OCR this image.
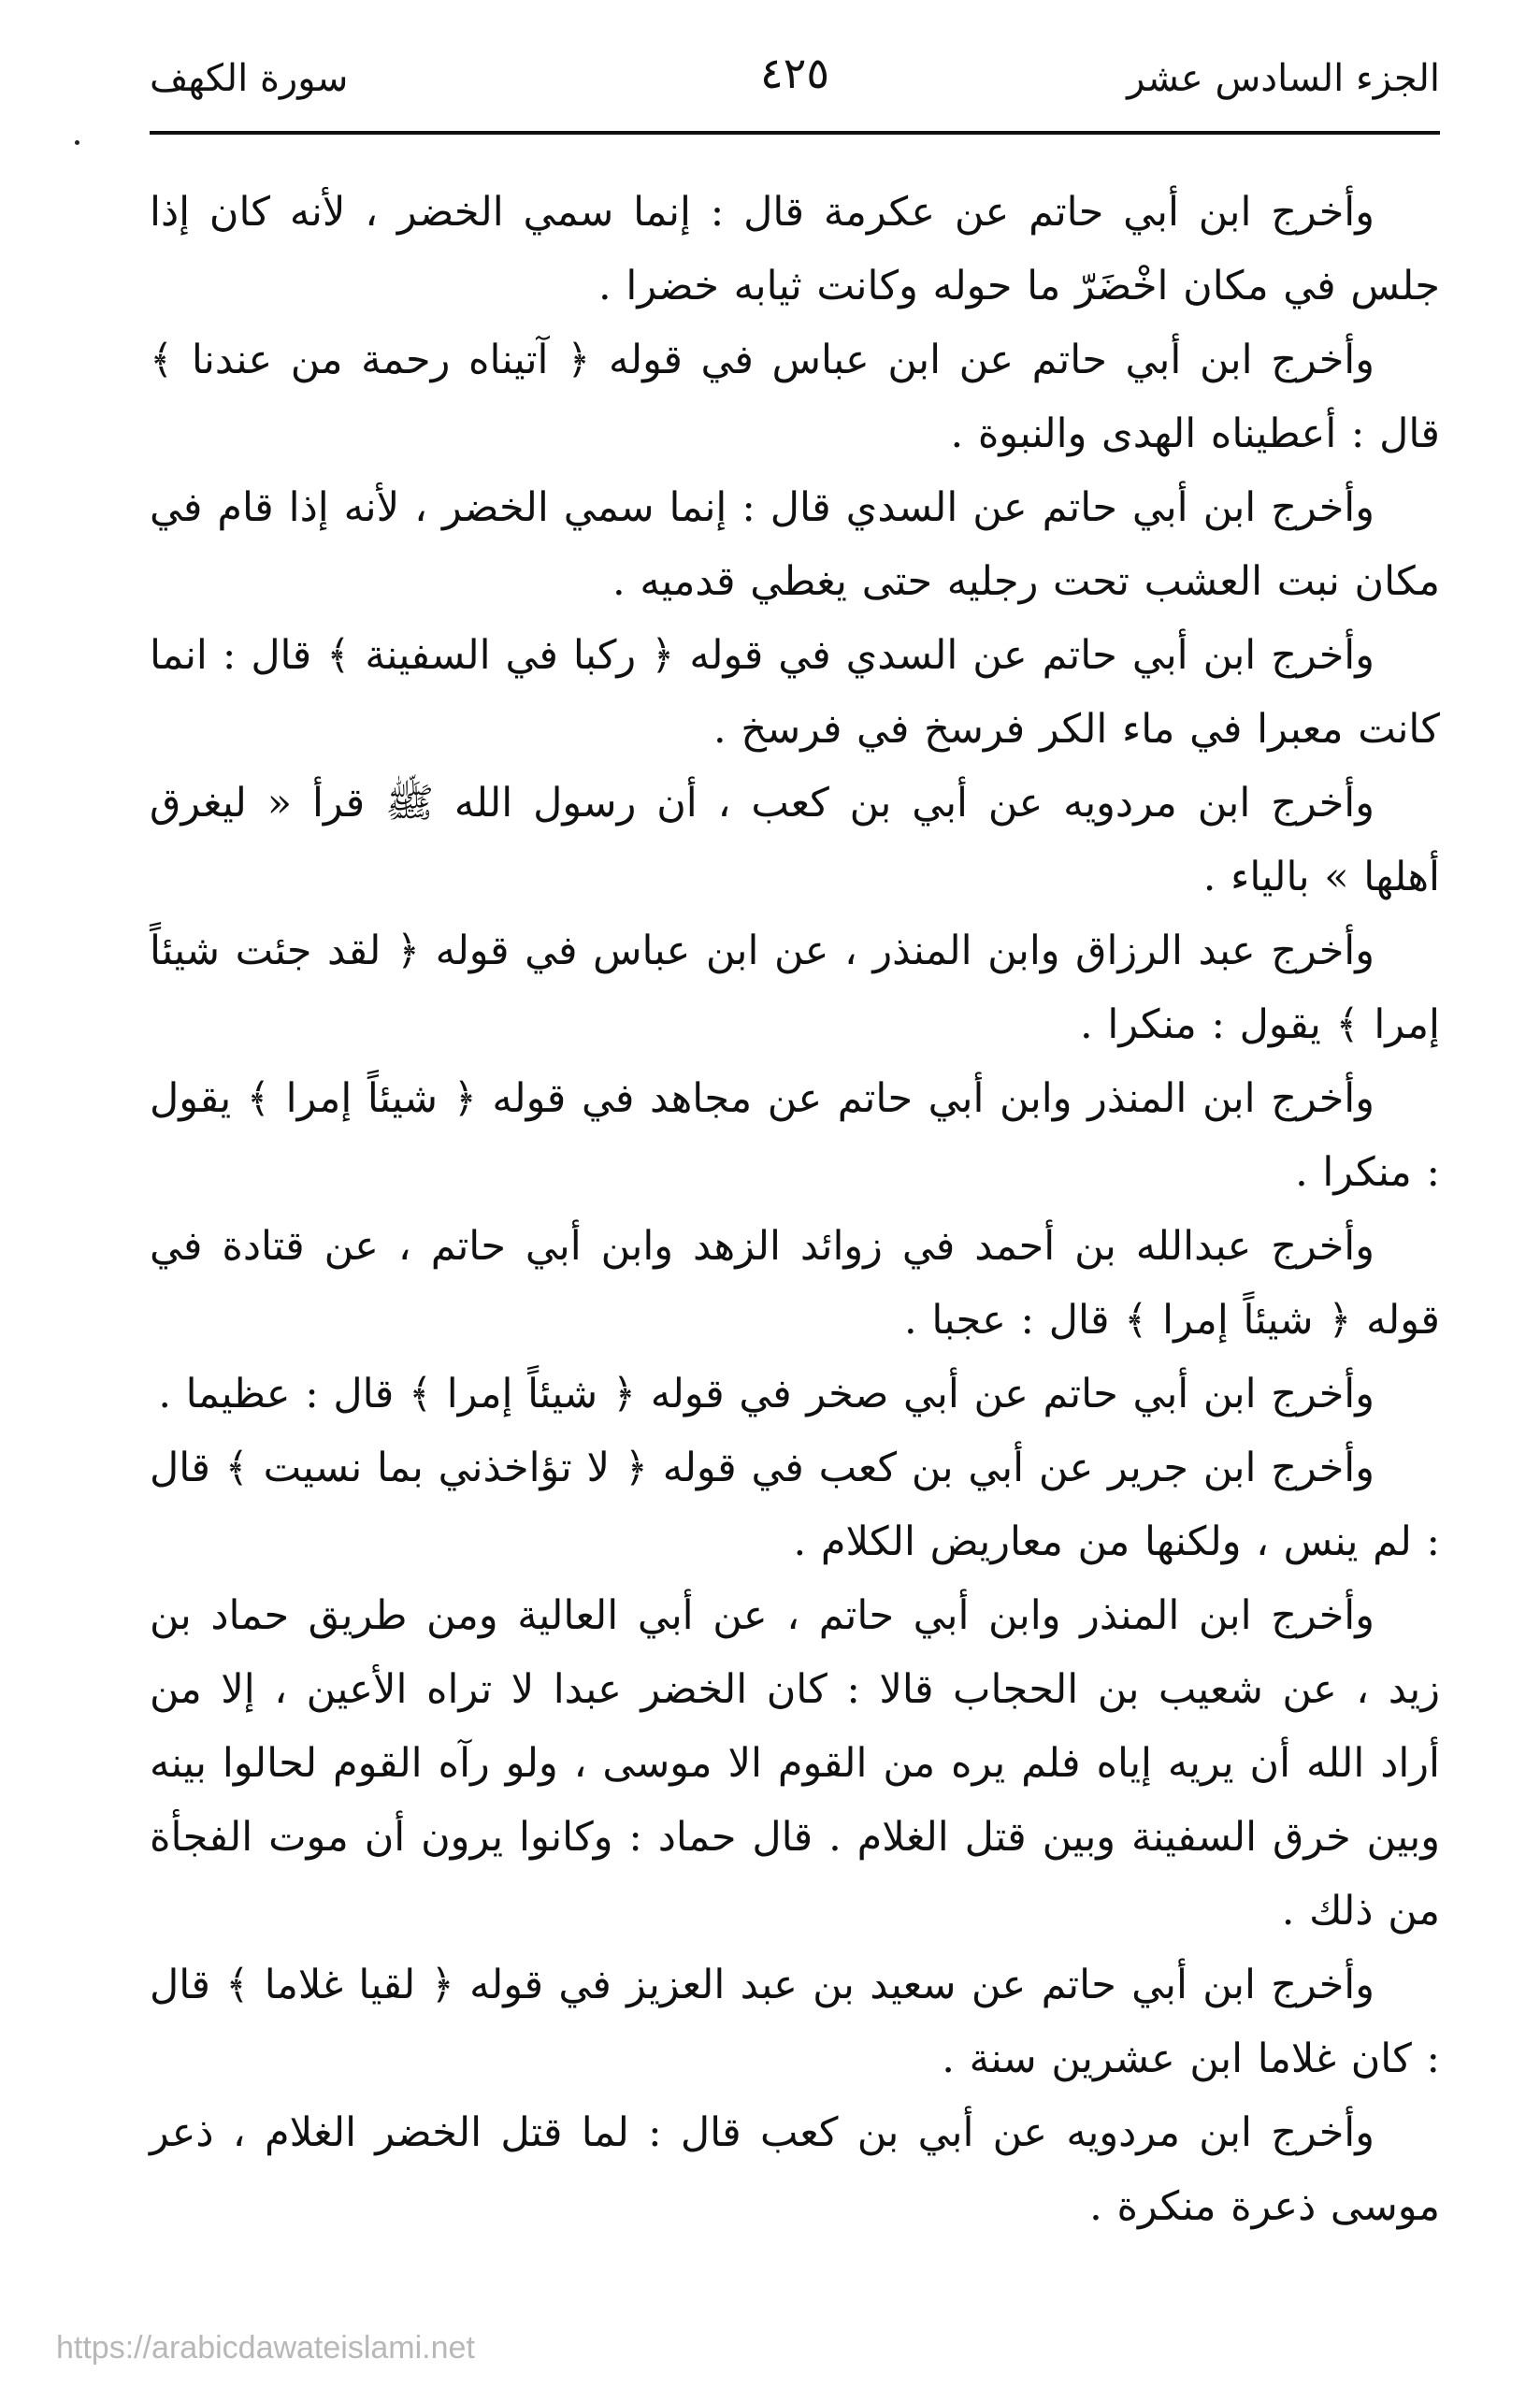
الجزء السادس عشر
٤٢٥
سورة الكهف

وأخرج ابن أبي حاتم عن عكرمة قال : إنما سمي الخضر ، لأنه كان إذا جلس في مكان اخْضَرّ ما حوله وكانت ثيابه خضرا .

وأخرج ابن أبي حاتم عن ابن عباس في قوله ﴿ آتيناه رحمة من عندنا ﴾ قال : أعطيناه الهدى والنبوة .

وأخرج ابن أبي حاتم عن السدي قال : إنما سمي الخضر ، لأنه إذا قام في مكان نبت العشب تحت رجليه حتى يغطي قدميه .

وأخرج ابن أبي حاتم عن السدي في قوله ﴿ ركبا في السفينة ﴾ قال : انما كانت معبرا في ماء الكر فرسخ في فرسخ .

وأخرج ابن مردويه عن أبي بن كعب ، أن رسول الله ﷺ قرأ « ليغرق أهلها » بالياء .

وأخرج عبد الرزاق وابن المنذر ، عن ابن عباس في قوله ﴿ لقد جئت شيئاً إمرا ﴾ يقول : منكرا .

وأخرج ابن المنذر وابن أبي حاتم عن مجاهد في قوله ﴿ شيئاً إمرا ﴾ يقول : منكرا .

وأخرج عبدالله بن أحمد في زوائد الزهد وابن أبي حاتم ، عن قتادة في قوله ﴿ شيئاً إمرا ﴾ قال : عجبا .

وأخرج ابن أبي حاتم عن أبي صخر في قوله ﴿ شيئاً إمرا ﴾ قال : عظيما .

وأخرج ابن جرير عن أبي بن كعب في قوله ﴿ لا تؤاخذني بما نسيت ﴾ قال : لم ينس ، ولكنها من معاريض الكلام .

وأخرج ابن المنذر وابن أبي حاتم ، عن أبي العالية ومن طريق حماد بن زيد ، عن شعيب بن الحجاب قالا : كان الخضر عبدا لا تراه الأعين ، إلا من أراد الله أن يريه إياه فلم يره من القوم الا موسى ، ولو رآه القوم لحالوا بينه وبين خرق السفينة وبين قتل الغلام . قال حماد : وكانوا يرون أن موت الفجأة من ذلك .

وأخرج ابن أبي حاتم عن سعيد بن عبد العزيز في قوله ﴿ لقيا غلاما ﴾ قال : كان غلاما ابن عشرين سنة .

وأخرج ابن مردويه عن أبي بن كعب قال : لما قتل الخضر الغلام ، ذعر موسى ذعرة منكرة .

https://arabicdawateislami.net
